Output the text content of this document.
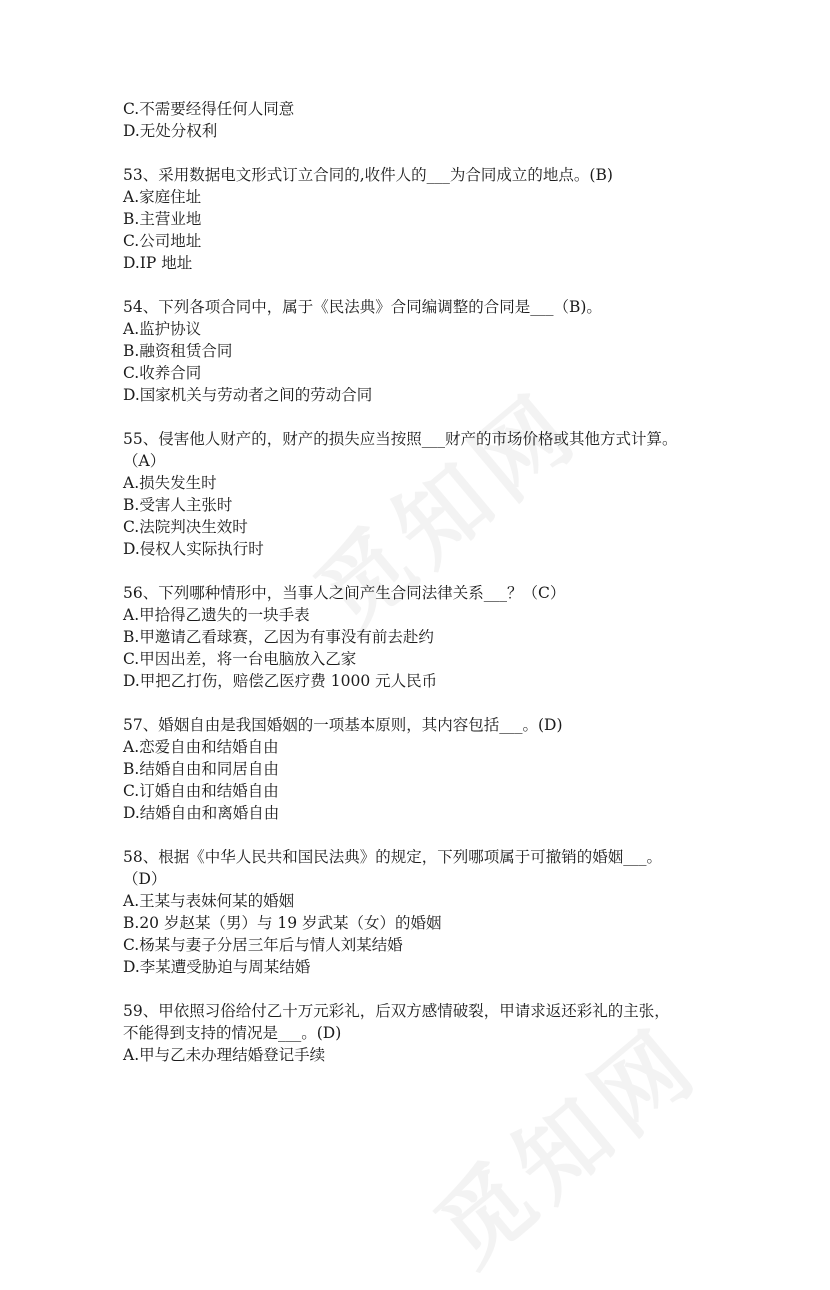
C.不需要经得任何人同意
D.无处分权利
53、采用数据电文形式订立合同的,收件人的___为合同成立的地点。(B)
A.家庭住址
B.主营业地
C.公司地址
D.IP 地址
54、下列各项合同中，属于《民法典》合同编调整的合同是___（B)。
A.监护协议
B.融资租赁合同
C.收养合同
D.国家机关与劳动者之间的劳动合同
55、侵害他人财产的，财产的损失应当按照___财产的市场价格或其他方式计算。
（A）
A.损失发生时
B.受害人主张时
C.法院判决生效时
D.侵权人实际执行时
56、下列哪种情形中，当事人之间产生合同法律关系___？（C）
A.甲拾得乙遗失的一块手表
B.甲邀请乙看球赛，乙因为有事没有前去赴约
C.甲因出差，将一台电脑放入乙家
D.甲把乙打伤，赔偿乙医疗费 1000 元人民币
57、婚姻自由是我国婚姻的一项基本原则，其内容包括___。(D)
A.恋爱自由和结婚自由
B.结婚自由和同居自由
C.订婚自由和结婚自由
D.结婚自由和离婚自由
58、根据《中华人民共和国民法典》的规定，下列哪项属于可撤销的婚姻___。
（D）
A.王某与表妹何某的婚姻
B.20 岁赵某（男）与 19 岁武某（女）的婚姻
C.杨某与妻子分居三年后与情人刘某结婚
D.李某遭受胁迫与周某结婚
59、甲依照习俗给付乙十万元彩礼，后双方感情破裂，甲请求返还彩礼的主张，
不能得到支持的情况是___。(D)
A.甲与乙未办理结婚登记手续
